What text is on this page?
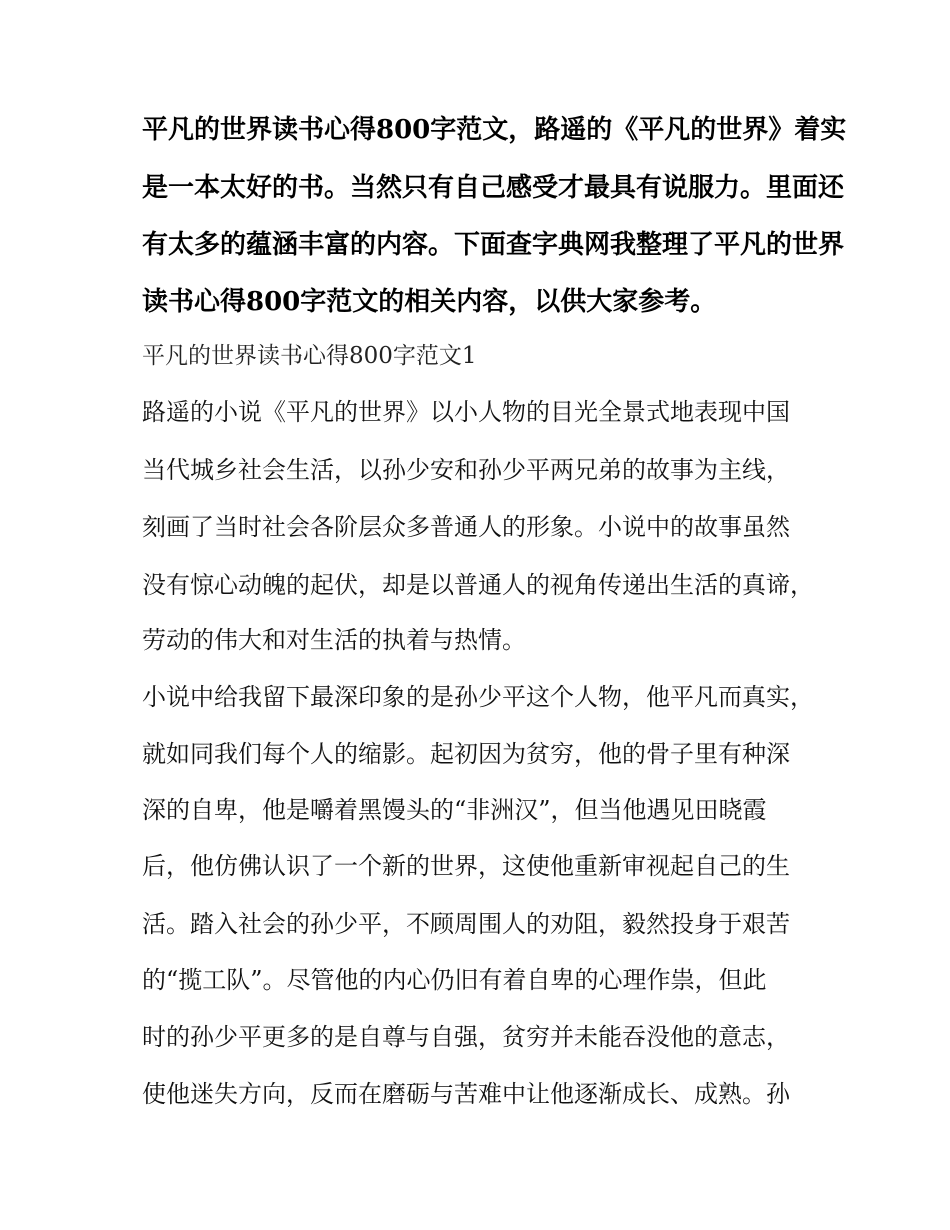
平凡的世界读书心得800字范文，路遥的《平凡的世界》着实
是一本太好的书。当然只有自己感受才最具有说服力。里面还
有太多的蕴涵丰富的内容。下面查字典网我整理了平凡的世界
读书心得800字范文的相关内容，以供大家参考。
平凡的世界读书心得800字范文1
路遥的小说《平凡的世界》以小人物的目光全景式地表现中国
当代城乡社会生活，以孙少安和孙少平两兄弟的故事为主线，
刻画了当时社会各阶层众多普通人的形象。小说中的故事虽然
没有惊心动魄的起伏，却是以普通人的视角传递出生活的真谛，
劳动的伟大和对生活的执着与热情。
小说中给我留下最深印象的是孙少平这个人物，他平凡而真实，
就如同我们每个人的缩影。起初因为贫穷，他的骨子里有种深
深的自卑，他是嚼着黑馒头的“非洲汉”，但当他遇见田晓霞
后，他仿佛认识了一个新的世界，这使他重新审视起自己的生
活。踏入社会的孙少平，不顾周围人的劝阻，毅然投身于艰苦
的“揽工队”。尽管他的内心仍旧有着自卑的心理作祟，但此
时的孙少平更多的是自尊与自强，贫穷并未能吞没他的意志，
使他迷失方向，反而在磨砺与苦难中让他逐渐成长、成熟。孙
